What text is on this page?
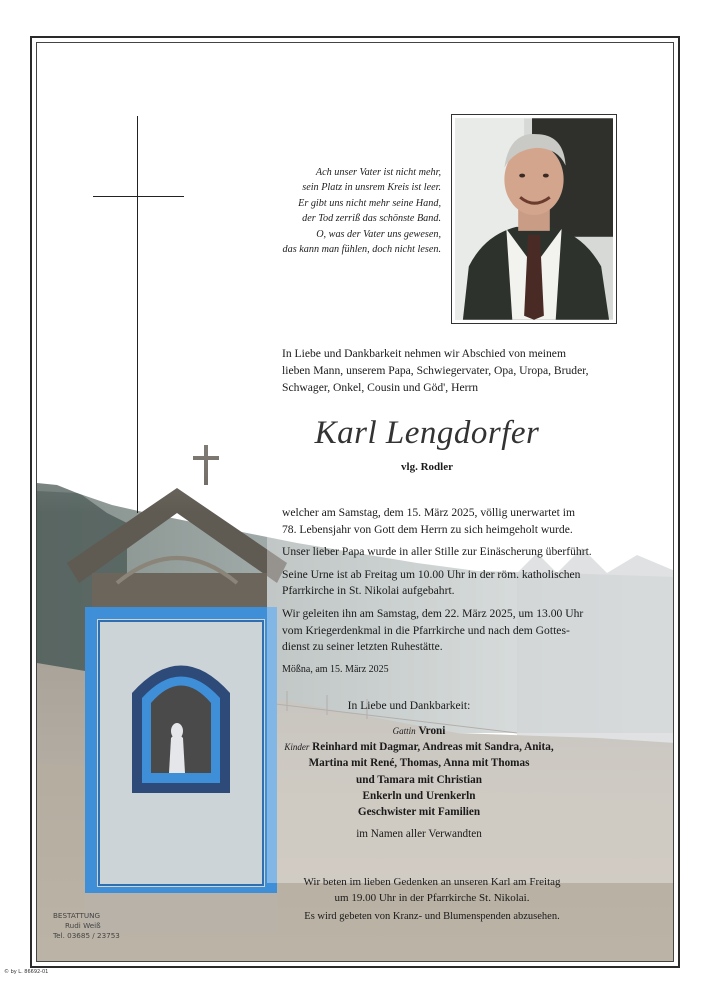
Ach unser Vater ist nicht mehr,
sein Platz in unsrem Kreis ist leer.
Er gibt uns nicht mehr seine Hand,
der Tod zerriß das schönste Band.
O, was der Vater uns gewesen,
das kann man fühlen, doch nicht lesen.
In Liebe und Dankbarkeit nehmen wir Abschied von meinem
lieben Mann, unserem Papa, Schwiegervater, Opa, Uropa, Bruder,
Schwager, Onkel, Cousin und Göd', Herrn
Karl Lengdorfer
vlg. Rodler
welcher am Samstag, dem 15. März 2025, völlig unerwartet im
78. Lebensjahr von Gott dem Herrn zu sich heimgeholt wurde.
Unser lieber Papa wurde in aller Stille zur Einäscherung überführt.
Seine Urne ist ab Freitag um 10.00 Uhr in der röm. katholischen
Pfarrkirche in St. Nikolai aufgebahrt.
Wir geleiten ihn am Samstag, dem 22. März 2025, um 13.00 Uhr
vom Kriegerdenkmal in die Pfarrkirche und nach dem Gottes-
dienst zu seiner letzten Ruhestätte.
Mößna, am 15. März 2025
In Liebe und Dankbarkeit:
Gattin Vroni
Kinder Reinhard mit Dagmar, Andreas mit Sandra, Anita,
Martina mit René, Thomas, Anna mit Thomas
und Tamara mit Christian
Enkerln und Urenkerln
Geschwister mit Familien
im Namen aller Verwandten
Wir beten im lieben Gedenken an unseren Karl am Freitag
um 19.00 Uhr in der Pfarrkirche St. Nikolai.
Es wird gebeten von Kranz- und Blumenspenden abzusehen.
BESTATTUNG
Rudi Weiß
Tel. 03685 / 23753
© by L. 86692-01
